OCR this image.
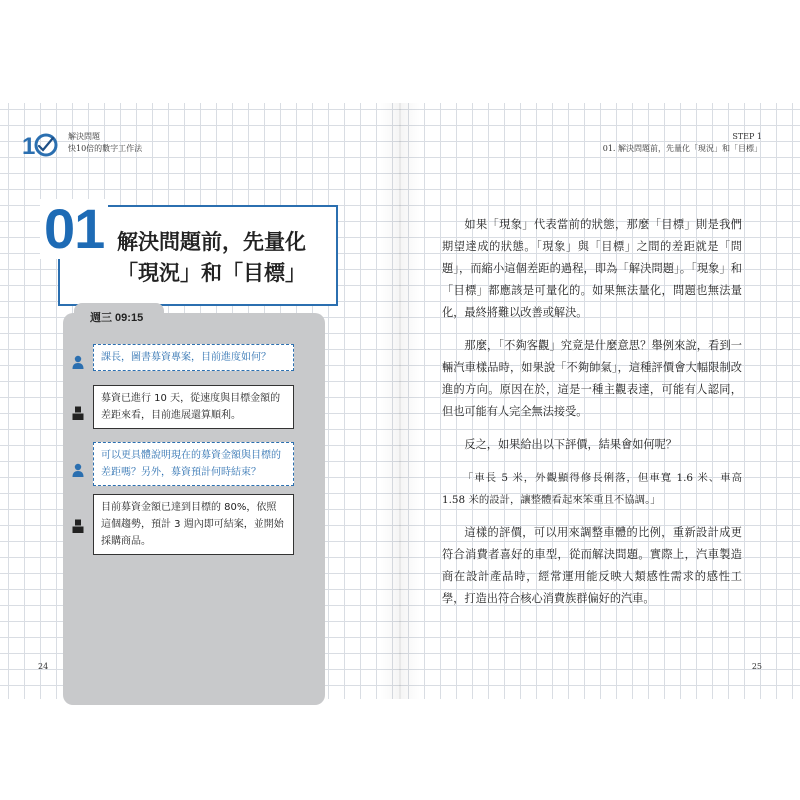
1	解決問題
快10倍的數字工作法
STEP 1
01. 解決問題前，先量化「現況」和「目標」
01 解決問題前，先量化
「現況」和「目標」
週三 09:15
課長，圖書募資專案，目前進度如何？
募資已進行 10 天，從速度與目標金額的差距來看，目前進展還算順利。
可以更具體說明現在的募資金額與目標的差距嗎？另外，募資預計何時結束？
目前募資金額已達到目標的 80%，依照這個趨勢，預計 3 週內即可結案，並開始採購商品。

如果「現象」代表當前的狀態，那麼「目標」則是我們期望達成的狀態。「現象」與「目標」之間的差距就是「問題」，而縮小這個差距的過程，即為「解決問題」。「現象」和「目標」都應該是可量化的。如果無法量化，問題也無法量化，最終將難以改善或解決。

那麼，「不夠客觀」究竟是什麼意思？舉例來說，看到一輛汽車樣品時，如果說「不夠帥氣」，這種評價會大幅限制改進的方向。原因在於，這是一種主觀表達，可能有人認同，但也可能有人完全無法接受。

反之，如果給出以下評價，結果會如何呢？

「車長 5 米，外觀顯得修長俐落，但車寬 1.6 米、車高 1.58 米的設計，讓整體看起來笨重且不協調。」

這樣的評價，可以用來調整車體的比例，重新設計成更符合消費者喜好的車型，從而解決問題。實際上，汽車製造商在設計產品時，經常運用能反映人類感性需求的感性工學，打造出符合核心消費族群偏好的汽車。

24	25
